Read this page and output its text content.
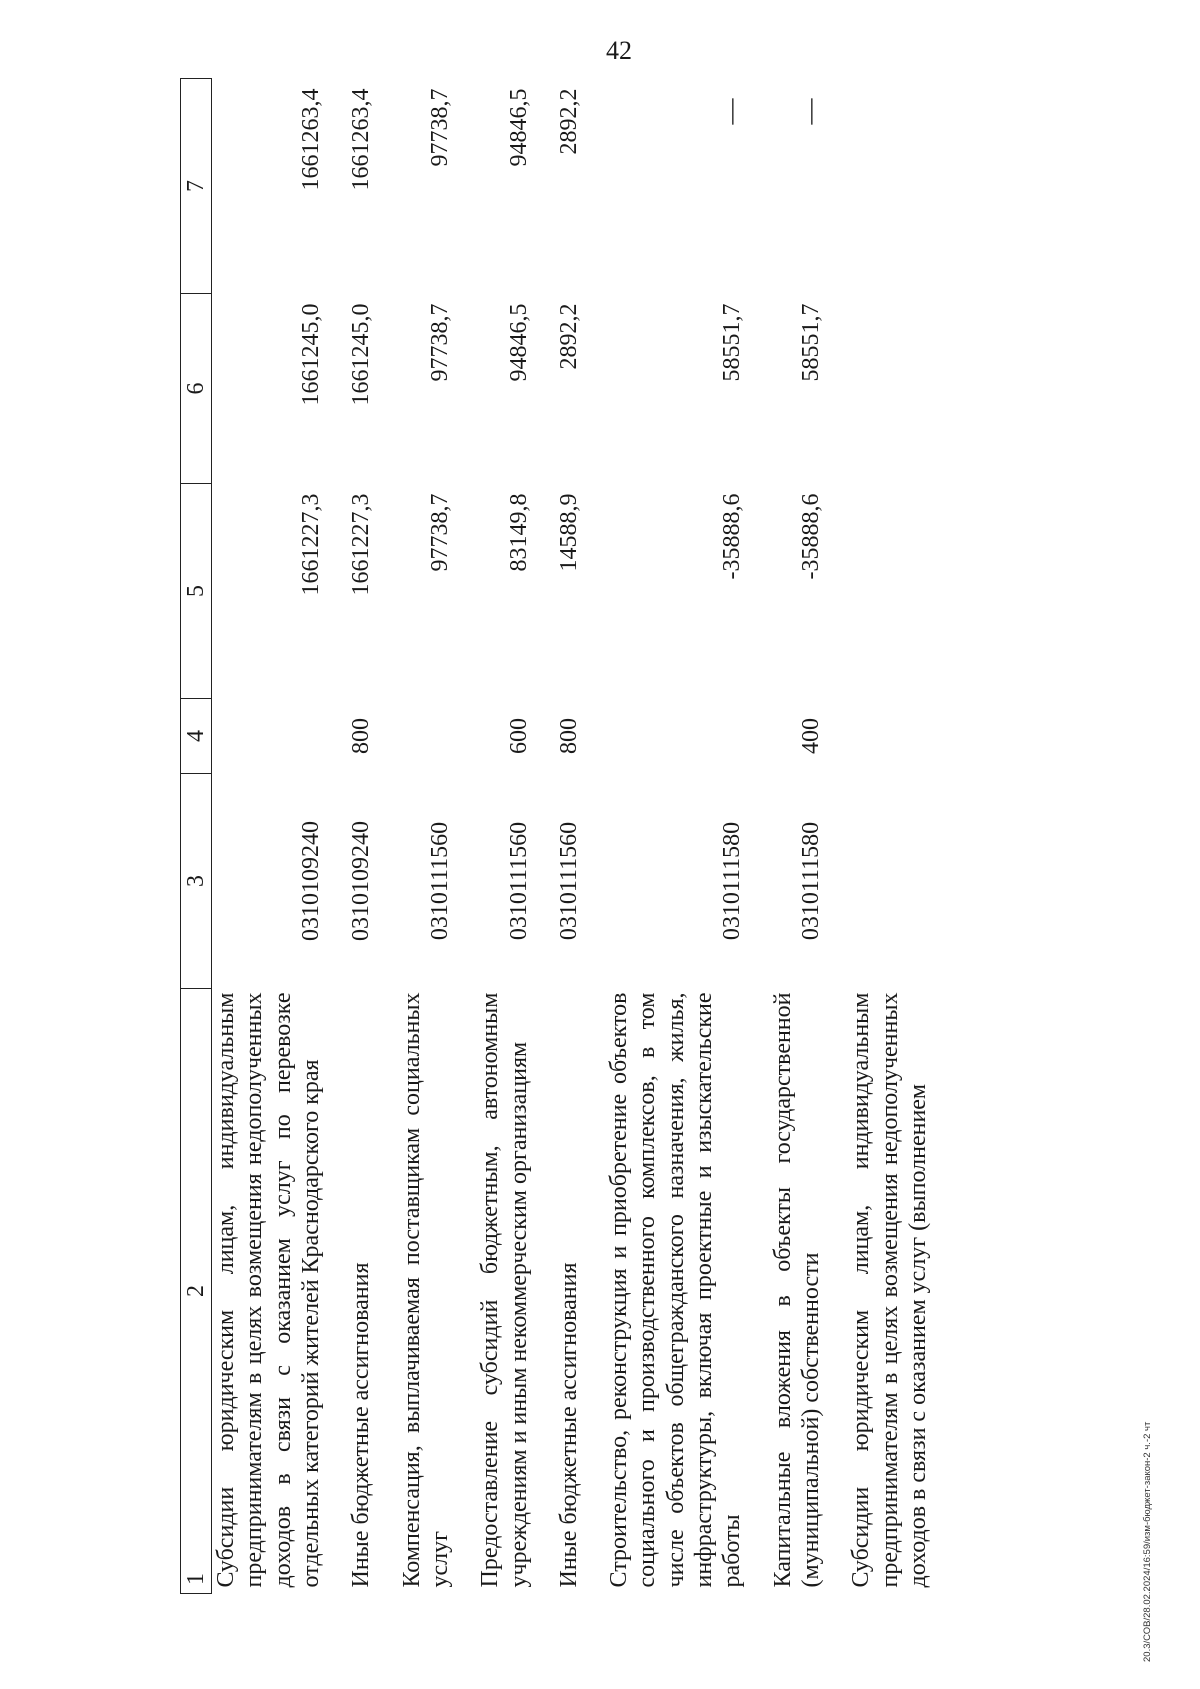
42
1	2	3	4	5	6	7
	Субсидии юридическим лицам, индивидуальным предпринимателям в целях возмещения недополученных доходов в связи с оказанием услуг по перевозке отдельных категорий жителей Краснодарского края	0310109240		1661227,3	1661245,0	1661263,4
	Иные бюджетные ассигнования	0310109240	800	1661227,3	1661245,0	1661263,4
	Компенсация, выплачиваемая поставщикам социальных услуг	0310111560		97738,7	97738,7	97738,7
	Предоставление субсидий бюджетным, автономным учреждениям и иным некоммерческим организациям	0310111560	600	83149,8	94846,5	94846,5
	Иные бюджетные ассигнования	0310111560	800	14588,9	2892,2	2892,2
	Строительство, реконструкция и приобретение объектов социального и производственного комплексов, в том числе объектов общегражданского назначения, жилья, инфраструктуры, включая проектные и изыскательские работы	0310111580		-35888,6	58551,7	—
	Капитальные вложения в объекты государственной (муниципальной) собственности	0310111580	400	-35888,6	58551,7	—
	Субсидии юридическим лицам, индивидуальным предпринимателям в целях возмещения недополученных доходов в связи с оказанием услуг (выполнением						20.3/СОВ/28.02.2024/16:59/изм-бюджет-закон-2 ч.-2 чт
